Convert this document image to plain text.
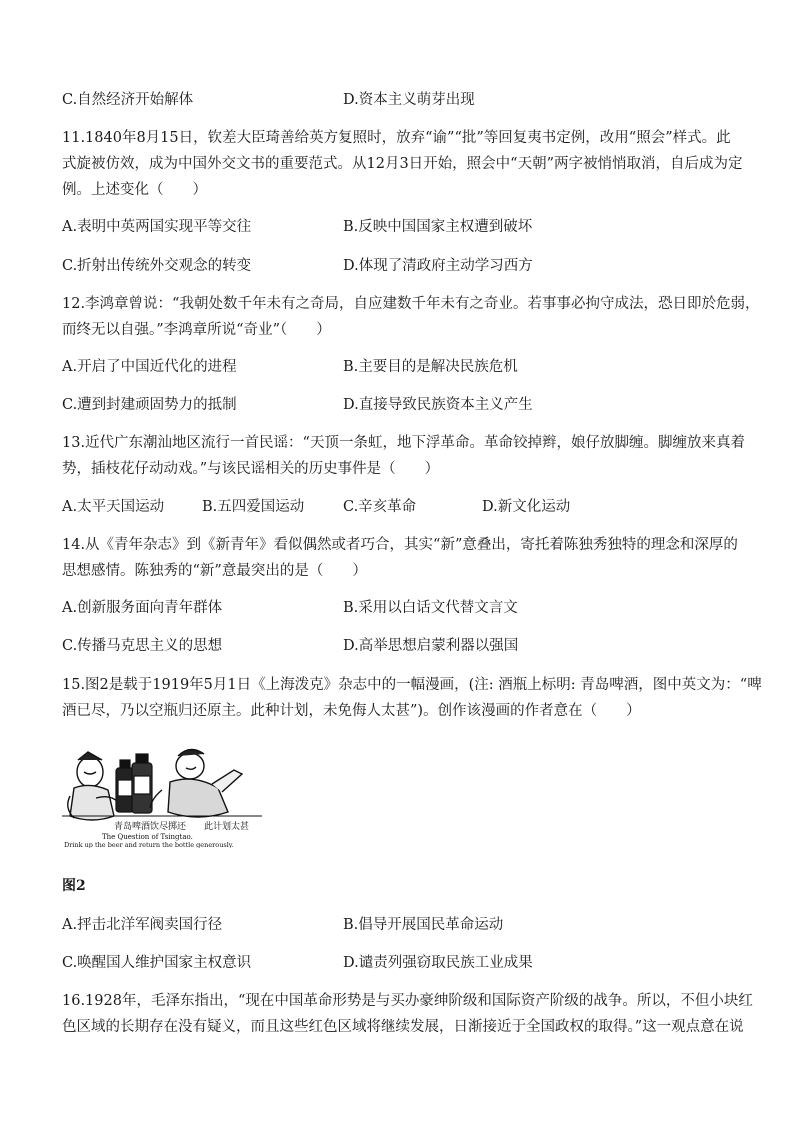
C.自然经济开始解体	D.资本主义萌芽出现
11.1840年8月15日，钦差大臣琦善给英方复照时，放弃“谕”“批”等回复夷书定例，改用“照会”样式。此
式旋被仿效，成为中国外交文书的重要范式。从12月3日开始，照会中“天朝”两字被悄悄取消，自后成为定
例。上述变化（　　）
A.表明中英两国实现平等交往	B.反映中国国家主权遭到破坏
C.折射出传统外交观念的转变	D.体现了清政府主动学习西方
12.李鸿章曾说：“我朝处数千年未有之奇局，自应建数千年未有之奇业。若事事必拘守成法，恐日即於危弱，
而终无以自强。”李鸿章所说“奇业”（　　）
A.开启了中国近代化的进程	B.主要目的是解决民族危机
C.遭到封建顽固势力的抵制	D.直接导致民族资本主义产生
13.近代广东潮汕地区流行一首民谣：“天顶一条虹，地下浮革命。革命铰掉辫，娘仔放脚缠。脚缠放来真着
势，插枝花仔动动戏。”与该民谣相关的历史事件是（　　）
A.太平天国运动	B.五四爱国运动	C.辛亥革命	D.新文化运动
14.从《青年杂志》到《新青年》看似偶然或者巧合，其实“新”意叠出，寄托着陈独秀独特的理念和深厚的
思想感情。陈独秀的“新”意最突出的是（　　）
A.创新服务面向青年群体	B.采用以白话文代替文言文
C.传播马克思主义的思想	D.高举思想启蒙利器以强国
15.图2是载于1919年5月1日《上海泼克》杂志中的一幅漫画，(注: 酒瓶上标明: 青岛啤酒，图中英文为：“啤
酒已尽，乃以空瓶归还原主。此种计划，未免侮人太甚”)。创作该漫画的作者意在（　　）
青岛啤酒饮尽掷还 此计划太甚
The Question of Tsingtao.
Drink up the beer and return the bottle generously.
图2
A.抨击北洋军阀卖国行径	B.倡导开展国民革命运动
C.唤醒国人维护国家主权意识	D.谴责列强窃取民族工业成果
16.1928年，毛泽东指出，“现在中国革命形势是与买办豪绅阶级和国际资产阶级的战争。所以，不但小块红
色区域的长期存在没有疑义，而且这些红色区域将继续发展，日渐接近于全国政权的取得。”这一观点意在说
